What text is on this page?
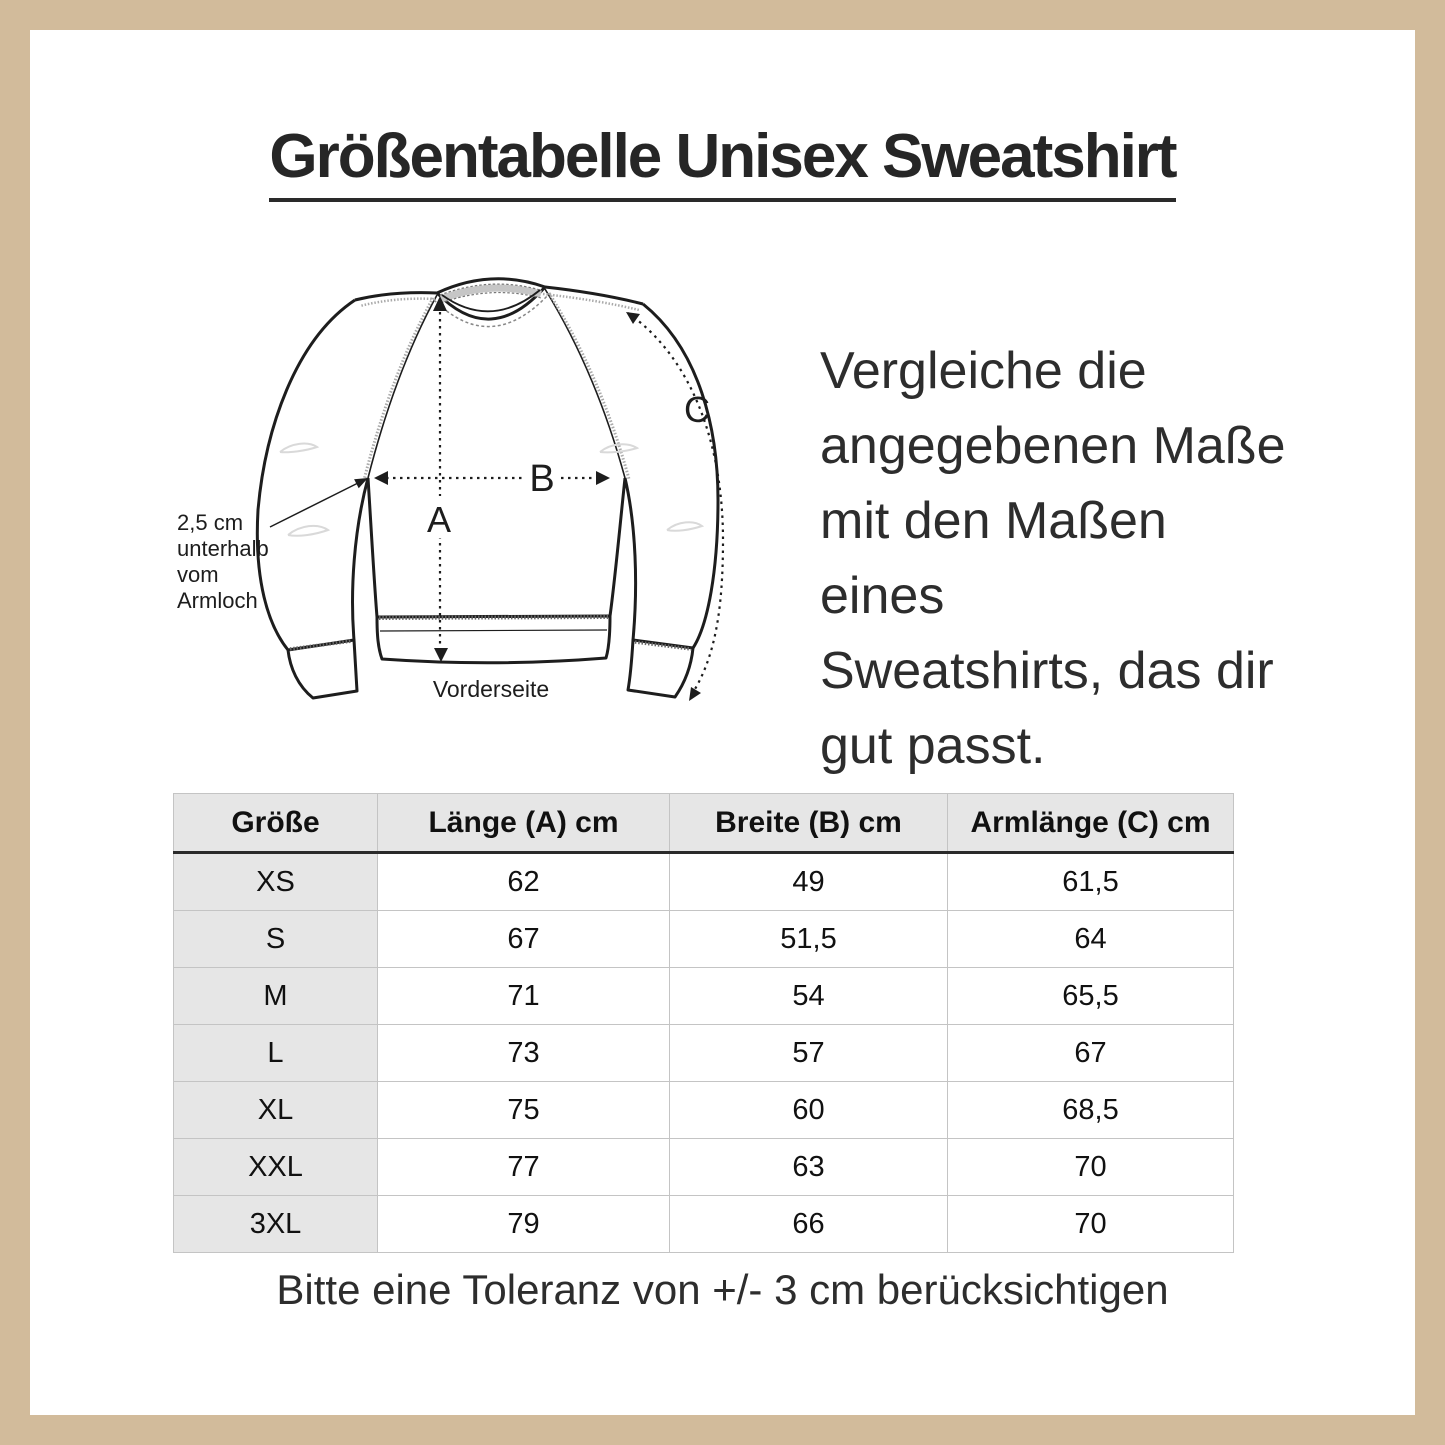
Größentabelle Unisex Sweatshirt
A
B
C
2,5 cm
unterhalb
vom
Armloch
Vorderseite
Vergleiche die
angegebenen Maße
mit den Maßen eines
Sweatshirts, das dir
gut passt.
Größe	Länge (A) cm	Breite (B) cm	Armlänge (C) cm
XS	62	49	61,5
S	67	51,5	64
M	71	54	65,5
L	73	57	67
XL	75	60	68,5
XXL	77	63	70
3XL	79	66	70
Bitte eine Toleranz von +/- 3 cm berücksichtigen
